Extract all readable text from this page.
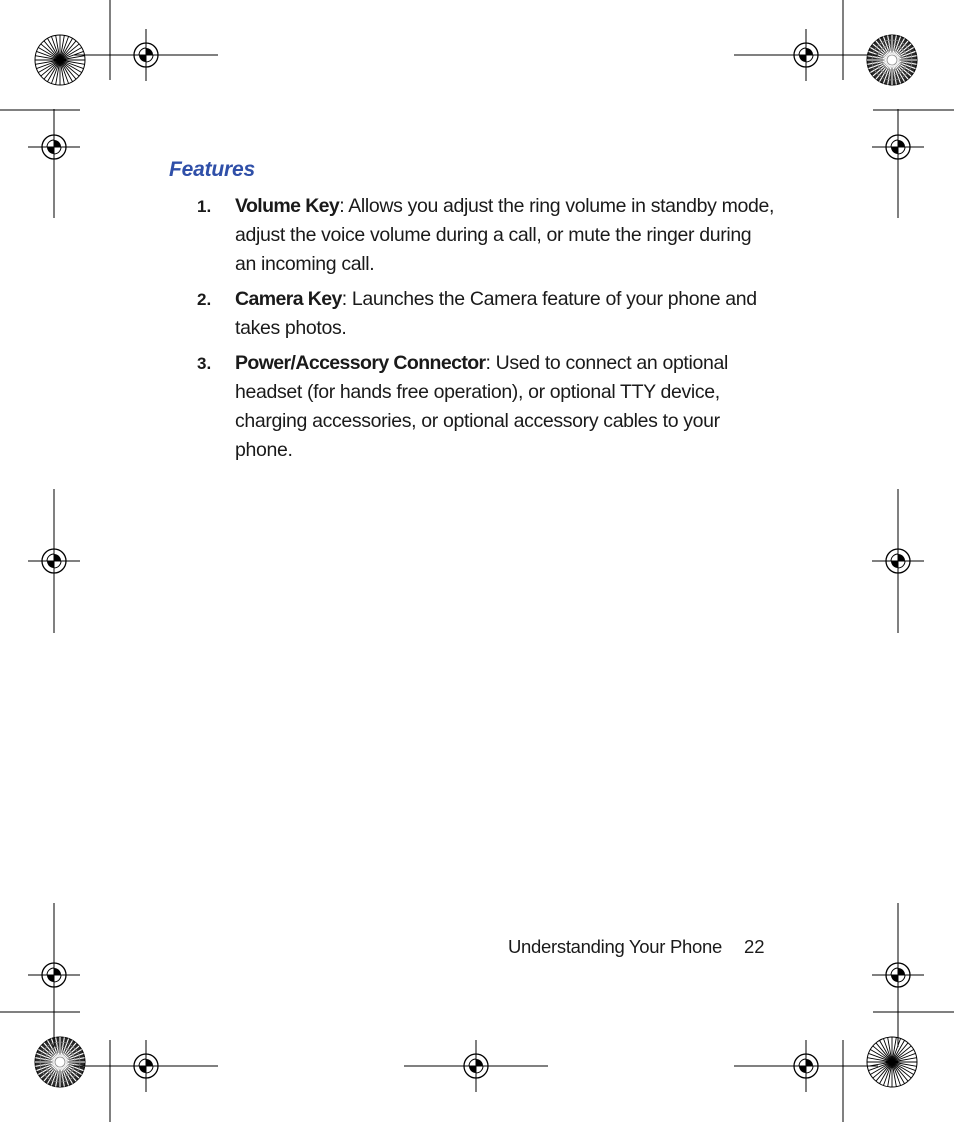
Features
1.	Volume Key: Allows you adjust the ring volume in standby mode, adjust the voice volume during a call, or mute the ringer during an incoming call.
2.	Camera Key: Launches the Camera feature of your phone and takes photos.
3.	Power/Accessory Connector: Used to connect an optional headset (for hands free operation), or optional TTY device, charging accessories, or optional accessory cables to your phone.
Understanding Your Phone 22
